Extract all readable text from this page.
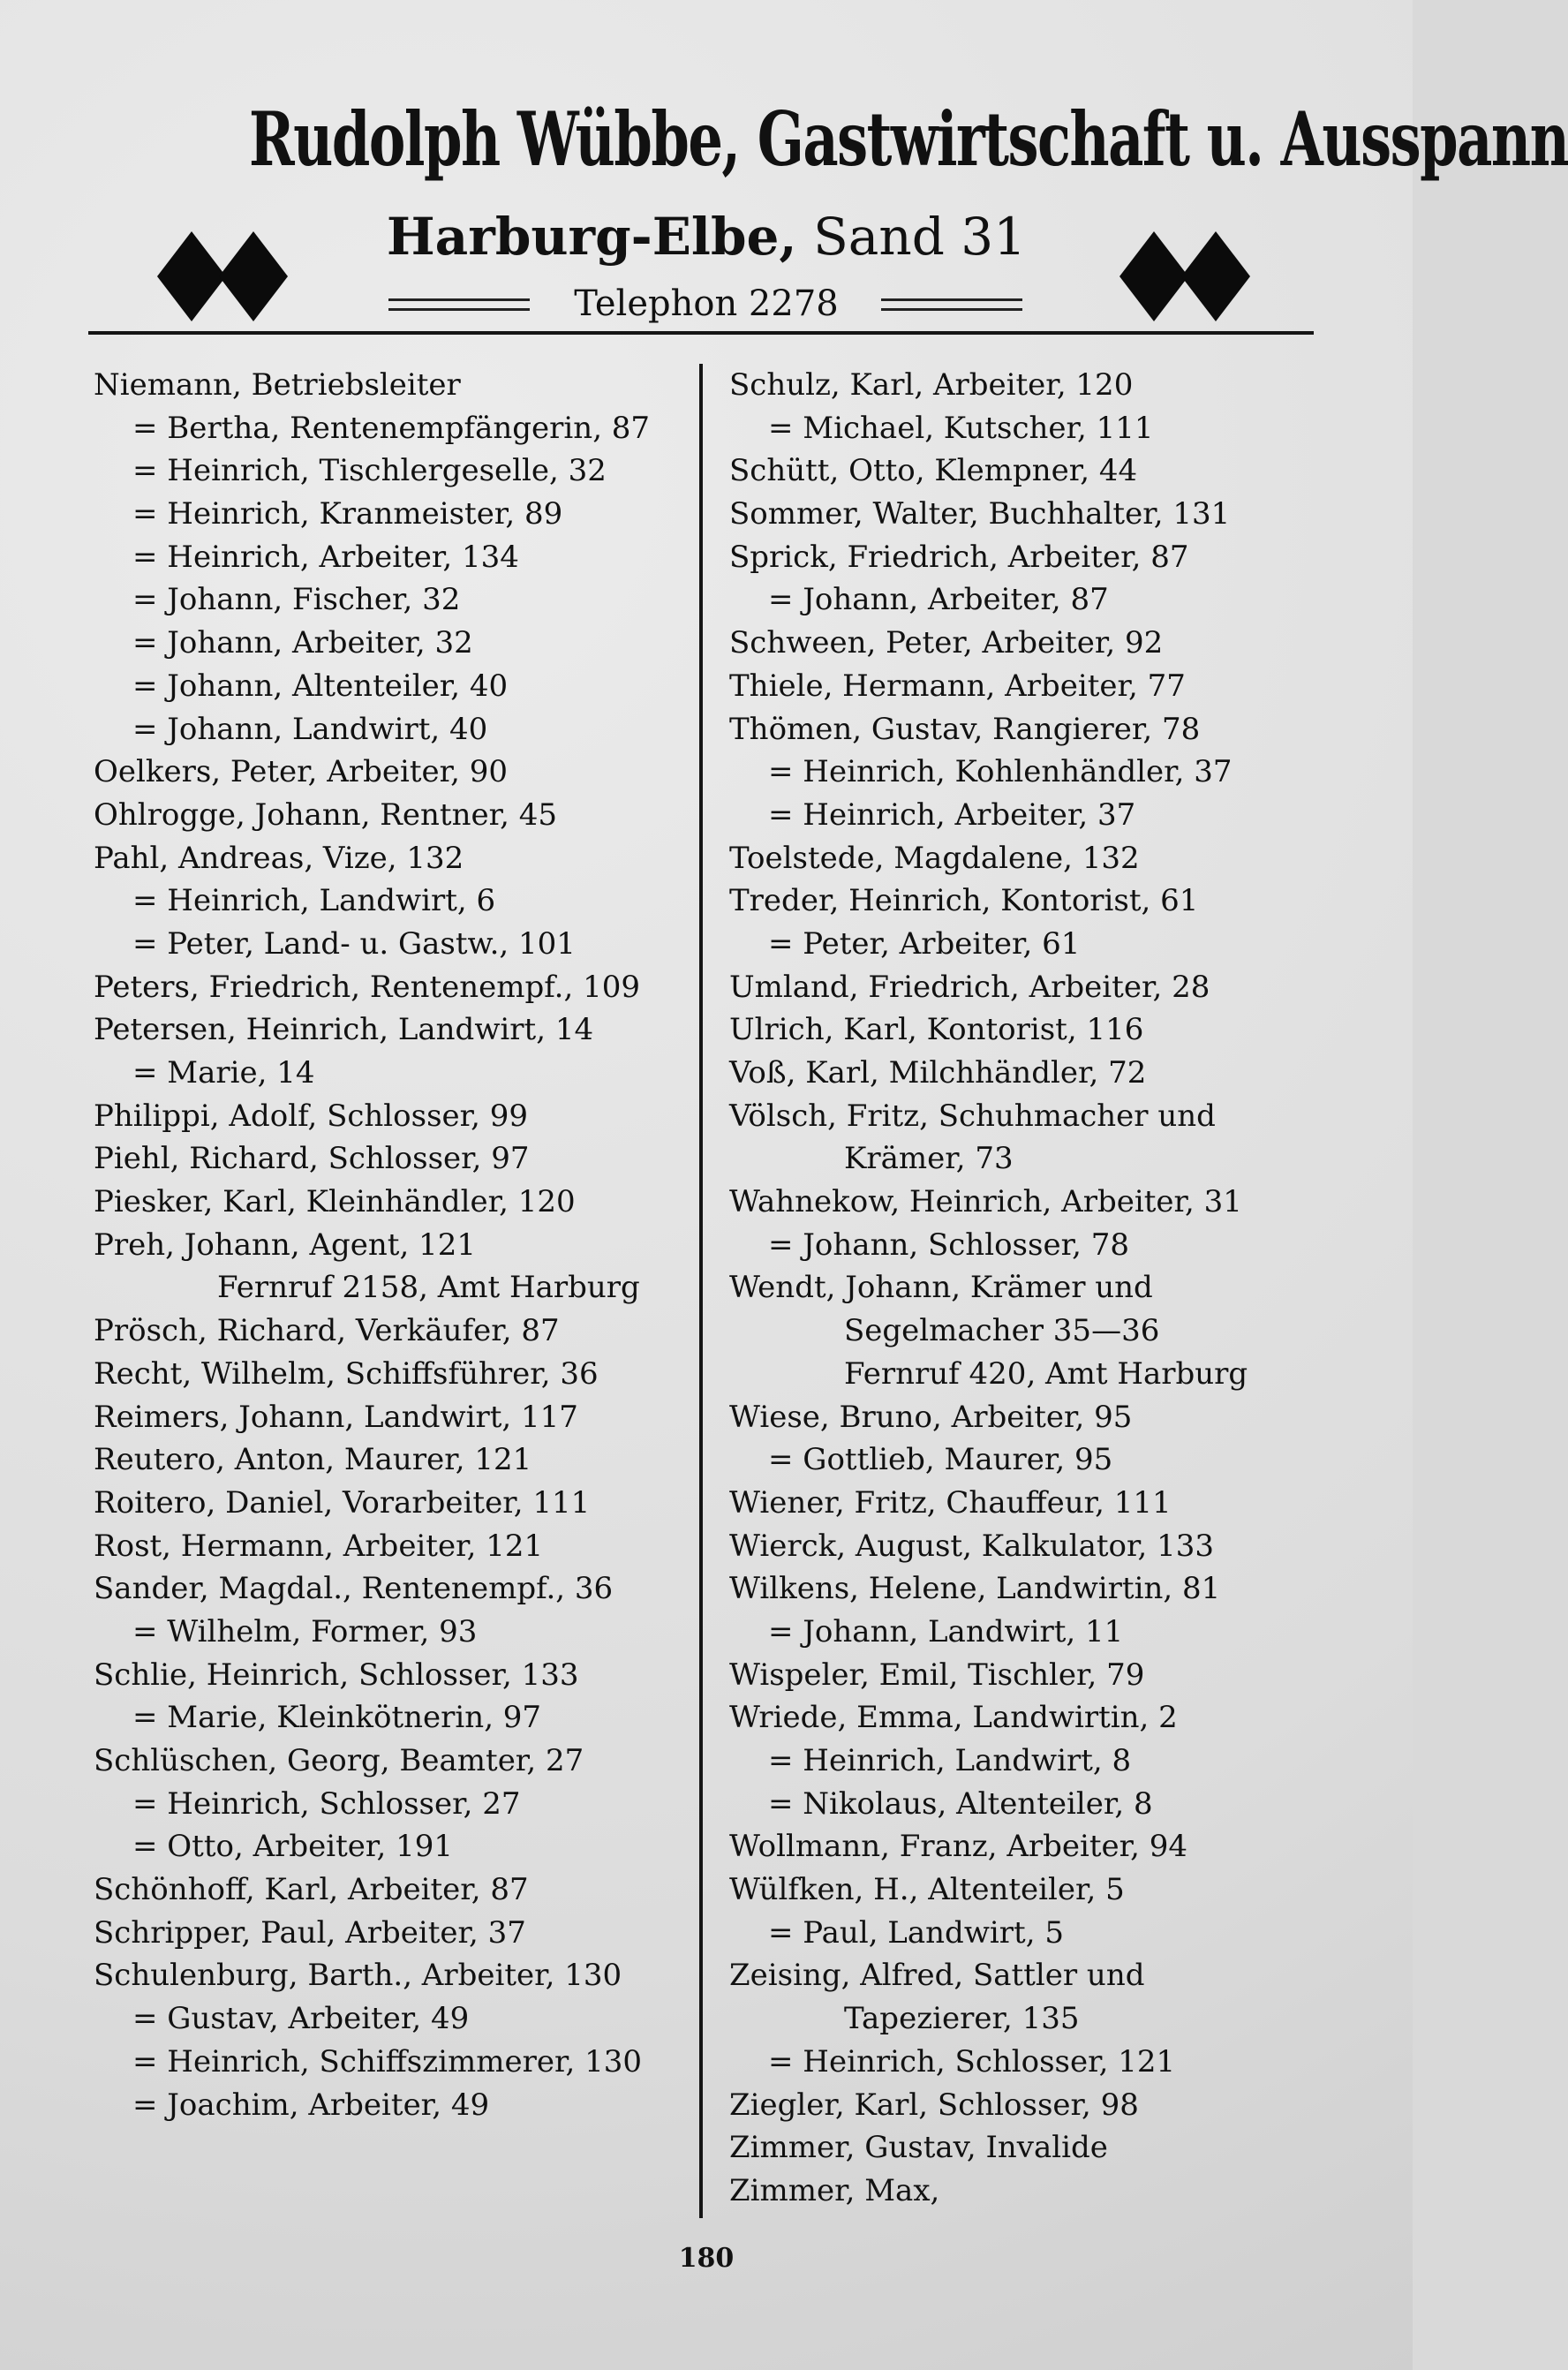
Rudolph Wübbe, Gastwirtschaft u. Ausspann
Harburg-Elbe, Sand 31
Telephon 2278
Niemann, Betriebsleiter
= Bertha, Rentenempfängerin, 87
= Heinrich, Tischlergeselle, 32
= Heinrich, Kranmeister, 89
= Heinrich, Arbeiter, 134
= Johann, Fischer, 32
= Johann, Arbeiter, 32
= Johann, Altenteiler, 40
= Johann, Landwirt, 40
Oelkers, Peter, Arbeiter, 90
Ohlrogge, Johann, Rentner, 45
Pahl, Andreas, Vize, 132
= Heinrich, Landwirt, 6
= Peter, Land- u. Gastw., 101
Peters, Friedrich, Rentenempf., 109
Petersen, Heinrich, Landwirt, 14
= Marie, 14
Philippi, Adolf, Schlosser, 99
Piehl, Richard, Schlosser, 97
Piesker, Karl, Kleinhändler, 120
Preh, Johann, Agent, 121
Fernruf 2158, Amt Harburg
Prösch, Richard, Verkäufer, 87
Recht, Wilhelm, Schiffsführer, 36
Reimers, Johann, Landwirt, 117
Reutero, Anton, Maurer, 121
Roitero, Daniel, Vorarbeiter, 111
Rost, Hermann, Arbeiter, 121
Sander, Magdal., Rentenempf., 36
= Wilhelm, Former, 93
Schlie, Heinrich, Schlosser, 133
= Marie, Kleinkötnerin, 97
Schlüschen, Georg, Beamter, 27
= Heinrich, Schlosser, 27
= Otto, Arbeiter, 191
Schönhoff, Karl, Arbeiter, 87
Schripper, Paul, Arbeiter, 37
Schulenburg, Barth., Arbeiter, 130
= Gustav, Arbeiter, 49
= Heinrich, Schiffszimmerer, 130
= Joachim, Arbeiter, 49
Schulz, Karl, Arbeiter, 120
= Michael, Kutscher, 111
Schütt, Otto, Klempner, 44
Sommer, Walter, Buchhalter, 131
Sprick, Friedrich, Arbeiter, 87
= Johann, Arbeiter, 87
Schween, Peter, Arbeiter, 92
Thiele, Hermann, Arbeiter, 77
Thömen, Gustav, Rangierer, 78
= Heinrich, Kohlenhändler, 37
= Heinrich, Arbeiter, 37
Toelstede, Magdalene, 132
Treder, Heinrich, Kontorist, 61
= Peter, Arbeiter, 61
Umland, Friedrich, Arbeiter, 28
Ulrich, Karl, Kontorist, 116
Voß, Karl, Milchhändler, 72
Völsch, Fritz, Schuhmacher und
Krämer, 73
Wahnekow, Heinrich, Arbeiter, 31
= Johann, Schlosser, 78
Wendt, Johann, Krämer und
Segelmacher 35—36
Fernruf 420, Amt Harburg
Wiese, Bruno, Arbeiter, 95
= Gottlieb, Maurer, 95
Wiener, Fritz, Chauffeur, 111
Wierck, August, Kalkulator, 133
Wilkens, Helene, Landwirtin, 81
= Johann, Landwirt, 11
Wispeler, Emil, Tischler, 79
Wriede, Emma, Landwirtin, 2
= Heinrich, Landwirt, 8
= Nikolaus, Altenteiler, 8
Wollmann, Franz, Arbeiter, 94
Wülfken, H., Altenteiler, 5
= Paul, Landwirt, 5
Zeising, Alfred, Sattler und
Tapezierer, 135
= Heinrich, Schlosser, 121
Ziegler, Karl, Schlosser, 98
Zimmer, Gustav, Invalide
Zimmer, Max,
180
